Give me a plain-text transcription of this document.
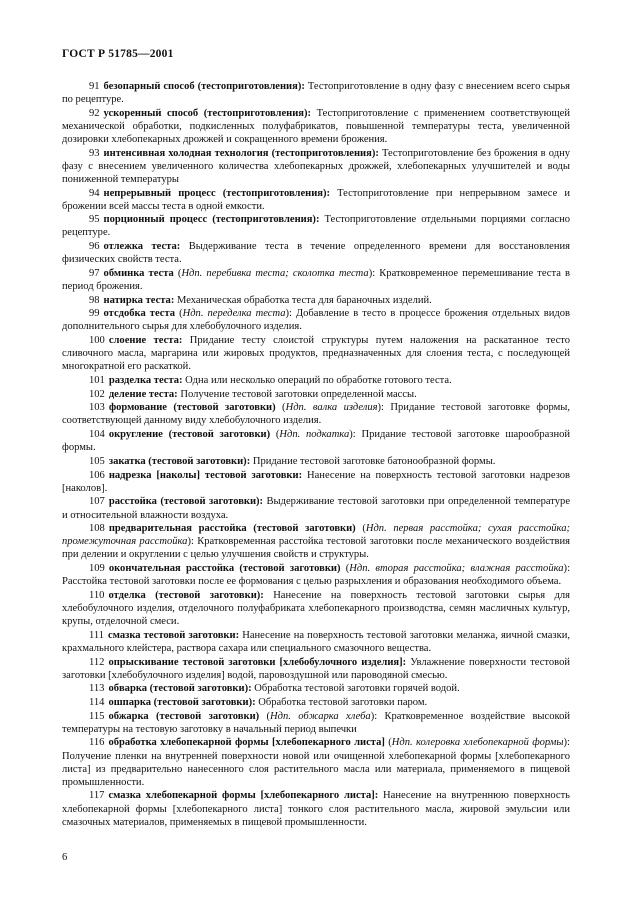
ГОСТ Р 51785—2001

91 безопарный способ (тестоприготовления): Тестоприготовление в одну фазу с внесением всего сырья по рецептуре.

92 ускоренный способ (тестоприготовления): Тестоприготовление с применением соответствующей механической обработки, подкисленных полуфабрикатов, повышенной температуры теста, увеличенной дозировки хлебопекарных дрожжей и сокращенного времени брожения.

93 интенсивная холодная технология (тестоприготовления): Тестоприготовление без брожения в одну фазу с внесением увеличенного количества хлебопекарных дрожжей, хлебопекарных улучшителей и воды пониженной температуры

94 непрерывный процесс (тестоприготовления): Тестоприготовление при непрерывном замесе и брожении всей массы теста в одной емкости.

95 порционный процесс (тестоприготовления): Тестоприготовление отдельными порциями согласно рецептуре.

96 отлежка теста: Выдерживание теста в течение определенного времени для восстановления физических свойств теста.

97 обминка теста (Ндп. перебивка теста; сколотка теста): Кратковременное перемешивание теста в период брожения.

98 натирка теста: Механическая обработка теста для бараночных изделий.

99 отсдобка теста (Ндп. переделка теста): Добавление в тесто в процессе брожения отдельных видов дополнительного сырья для хлебобулочного изделия.

100 слоение теста: Придание тесту слоистой структуры путем наложения на раскатанное тесто сливочного масла, маргарина или жировых продуктов, предназначенных для слоения теста, с последующей многократной его раскаткой.

101 разделка теста: Одна или несколько операций по обработке готового теста.

102 деление теста: Получение тестовой заготовки определенной массы.

103 формование (тестовой заготовки) (Ндп. валка изделия): Придание тестовой заготовке формы, соответствующей данному виду хлебобулочного изделия.

104 округление (тестовой заготовки) (Ндп. подкатка): Придание тестовой заготовке шарообразной формы.

105 закатка (тестовой заготовки): Придание тестовой заготовке батонообразной формы.

106 надрезка [наколы] тестовой заготовки: Нанесение на поверхность тестовой заготовки надрезов [наколов].

107 расстойка (тестовой заготовки): Выдерживание тестовой заготовки при определенной температуре и относительной влажности воздуха.

108 предварительная расстойка (тестовой заготовки) (Ндп. первая расстойка; сухая расстойка; промежуточная расстойка): Кратковременная расстойка тестовой заготовки после механического воздействия при делении и округлении с целью улучшения свойств и структуры.

109 окончательная расстойка (тестовой заготовки) (Ндп. вторая расстойка; влажная расстойка): Расстойка тестовой заготовки после ее формования с целью разрыхления и образования необходимого объема.

110 отделка (тестовой заготовки): Нанесение на поверхность тестовой заготовки сырья для хлебобулочного изделия, отделочного полуфабриката хлебопекарного производства, семян масличных культур, крупы, отделочной смеси.

111 смазка тестовой заготовки: Нанесение на поверхность тестовой заготовки меланжа, яичной смазки, крахмального клейстера, раствора сахара или специального смазочного вещества.

112 опрыскивание тестовой заготовки [хлебобулочного изделия]: Увлажнение поверхности тестовой заготовки [хлебобулочного изделия] водой, паровоздушной или пароводяной смесью.

113 обварка (тестовой заготовки): Обработка тестовой заготовки горячей водой.

114 ошпарка (тестовой заготовки): Обработка тестовой заготовки паром.

115 обжарка (тестовой заготовки) (Ндп. обжарка хлеба): Кратковременное воздействие высокой температуры на тестовую заготовку в начальный период выпечки

116 обработка хлебопекарной формы [хлебопекарного листа] (Ндп. колеровка хлебопекарной формы): Получение пленки на внутренней поверхности новой или очищенной хлебопекарной формы [хлебопекарного листа] из предварительно нанесенного слоя растительного масла или материала, применяемого в пищевой промышленности.

117 смазка хлебопекарной формы [хлебопекарного листа]: Нанесение на внутреннюю поверхность хлебопекарной формы [хлебопекарного листа] тонкого слоя растительного масла, жировой эмульсии или смазочных материалов, применяемых в пищевой промышленности.

6
